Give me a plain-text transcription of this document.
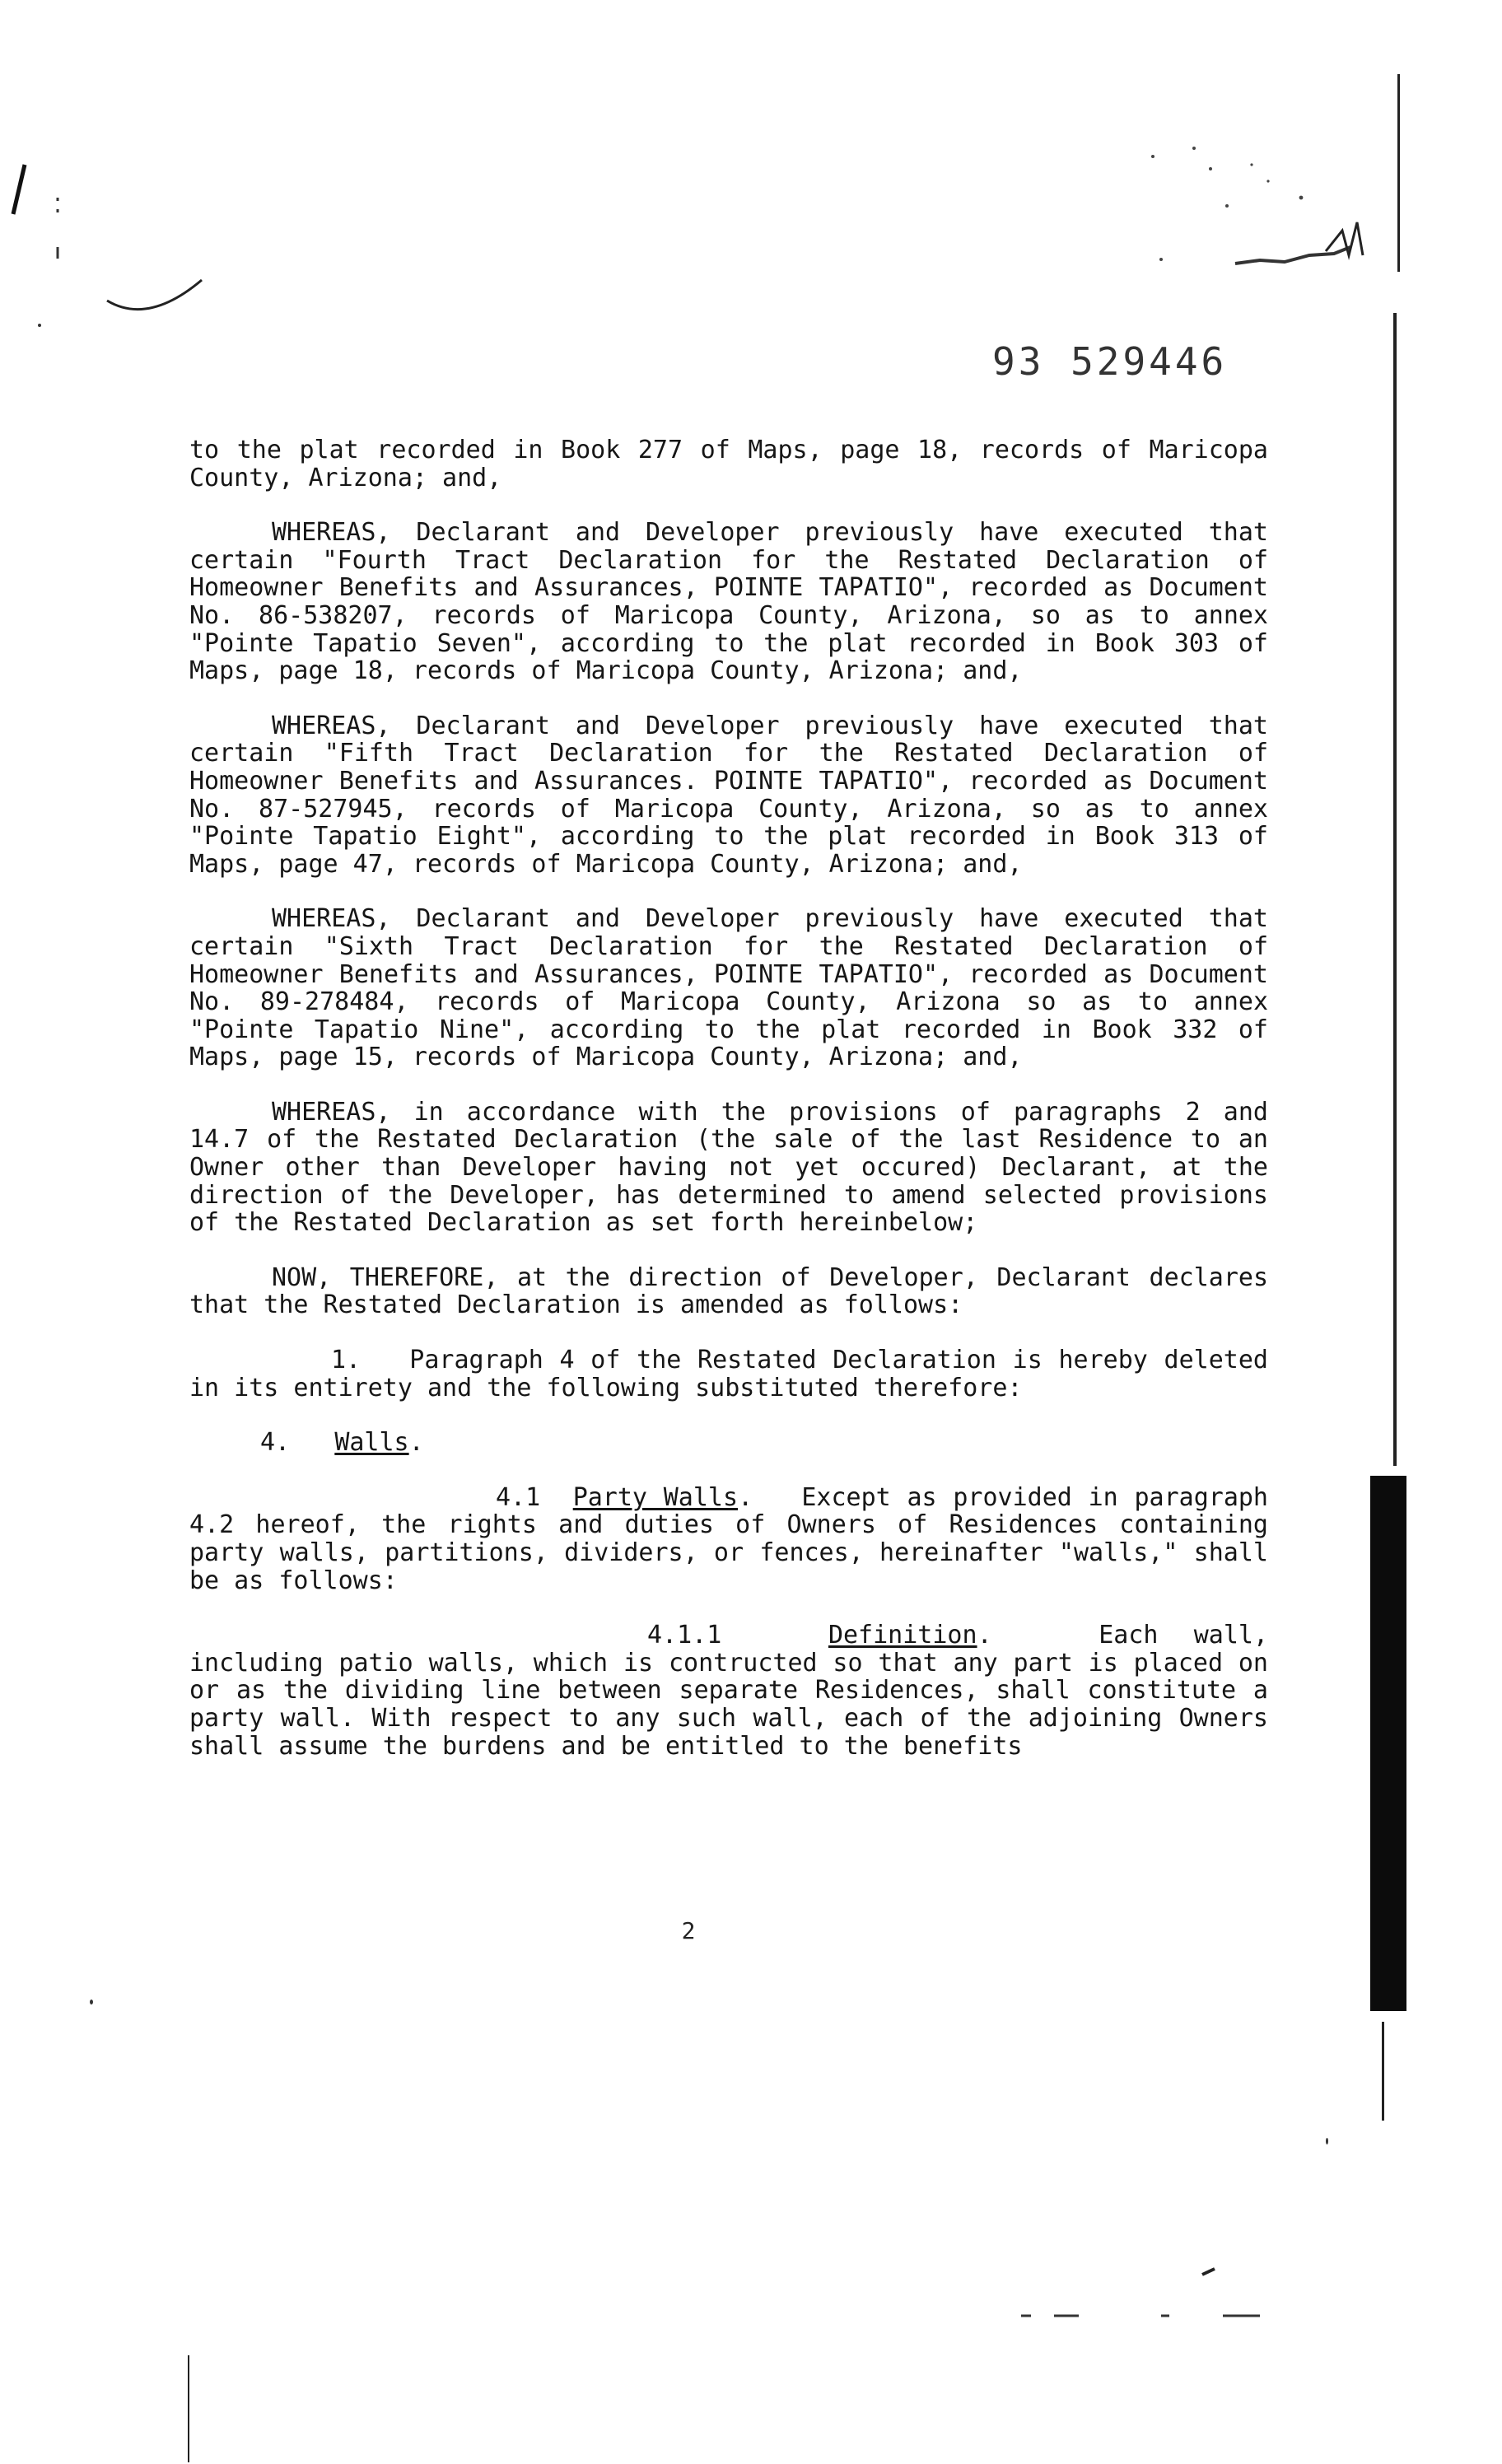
93 529446

to the plat recorded in Book 277 of Maps, page 18, records of Maricopa County, Arizona; and,

WHEREAS, Declarant and Developer previously have executed that certain "Fourth Tract Declaration for the Restated Declaration of Homeowner Benefits and Assurances, POINTE TAPATIO", recorded as Document No. 86-538207, records of Maricopa County, Arizona, so as to annex "Pointe Tapatio Seven", according to the plat recorded in Book 303 of Maps, page 18, records of Maricopa County, Arizona; and,

WHEREAS, Declarant and Developer previously have executed that certain "Fifth Tract Declaration for the Restated Declaration of Homeowner Benefits and Assurances. POINTE TAPATIO", recorded as Document No. 87-527945, records of Maricopa County, Arizona, so as to annex "Pointe Tapatio Eight", according to the plat recorded in Book 313 of Maps, page 47, records of Maricopa County, Arizona; and,

WHEREAS, Declarant and Developer previously have executed that certain "Sixth Tract Declaration for the Restated Declaration of Homeowner Benefits and Assurances, POINTE TAPATIO", recorded as Document No. 89-278484, records of Maricopa County, Arizona so as to annex "Pointe Tapatio Nine", according to the plat recorded in Book 332 of Maps, page 15, records of Maricopa County, Arizona; and,

WHEREAS, in accordance with the provisions of paragraphs 2 and 14.7 of the Restated Declaration (the sale of the last Residence to an Owner other than Developer having not yet occured) Declarant, at the direction of the Developer, has determined to amend selected provisions of the Restated Declaration as set forth hereinbelow;

NOW, THEREFORE, at the direction of Developer, Declarant declares that the Restated Declaration is amended as follows:

1. Paragraph 4 of the Restated Declaration is hereby deleted in its entirety and the following substituted therefore:

4. Walls.

4.1 Party Walls. Except as provided in paragraph 4.2 hereof, the rights and duties of Owners of Residences containing party walls, partitions, dividers, or fences, hereinafter "walls," shall be as follows:

4.1.1	Definition.	Each wall, including patio walls, which is contructed so that any part is placed on or as the dividing line between separate Residences, shall constitute a party wall. With respect to any such wall, each of the adjoining Owners shall assume the burdens and be entitled to the benefits

2
